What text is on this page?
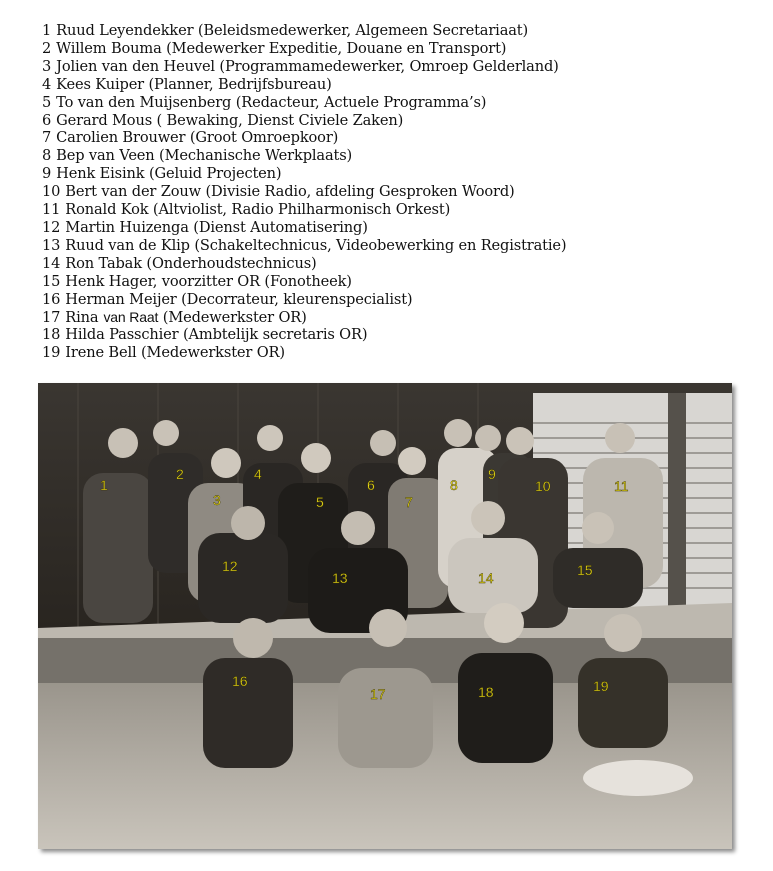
1 Ruud Leyendekker (Beleidsmedewerker, Algemeen Secretariaat)
2 Willem Bouma (Medewerker Expeditie, Douane en Transport)
3 Jolien van den Heuvel (Programmamedewerker, Omroep Gelderland)
4 Kees Kuiper (Planner, Bedrijfsbureau)
5 To van den Muijsenberg (Redacteur, Actuele Programma’s)
6 Gerard Mous ( Bewaking, Dienst Civiele Zaken)
7 Carolien Brouwer (Groot Omroepkoor)
8 Bep van Veen (Mechanische Werkplaats)
9 Henk Eisink (Geluid Projecten)
10 Bert van der Zouw (Divisie Radio, afdeling Gesproken Woord)
11 Ronald Kok (Altviolist, Radio Philharmonisch Orkest)
12 Martin Huizenga (Dienst Automatisering)
13 Ruud van de Klip (Schakeltechnicus, Videobewerking en Registratie)
14 Ron Tabak (Onderhoudstechnicus)
15 Henk Hager, voorzitter OR (Fonotheek)
16 Herman Meijer (Decorrateur, kleurenspecialist)
17 Rina van Raat (Medewerkster OR)
18 Hilda Passchier (Ambtelijk secretaris OR)
19 Irene Bell (Medewerkster OR)
1
2
3
4
5
6
7
8
9
10	11
12
13	14	15
16
17	18	19
